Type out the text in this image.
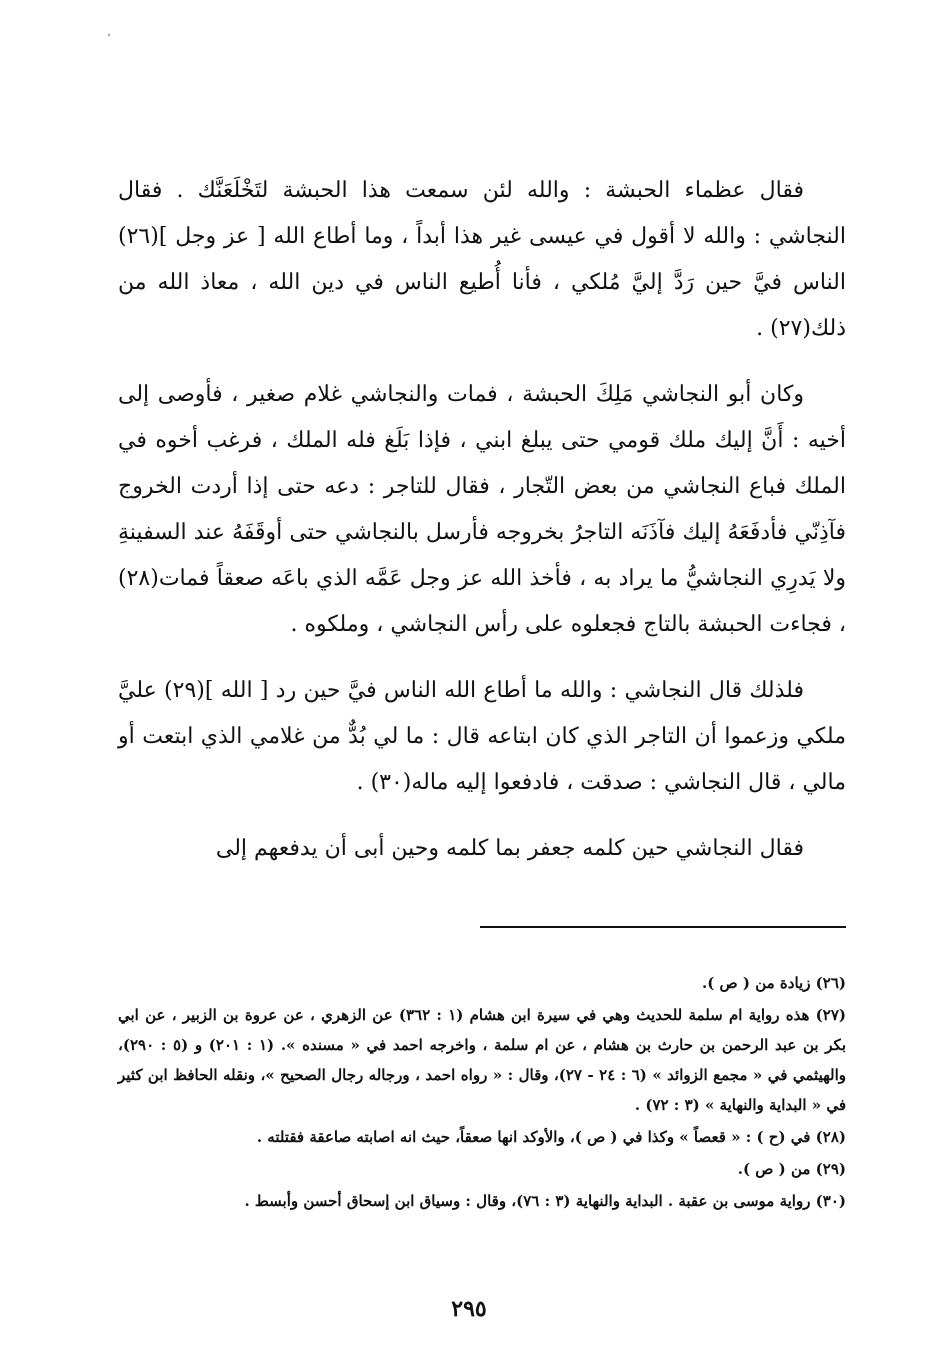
فقال عظماء الحبشة : والله لئن سمعت هذا الحبشة لتَخْلَعَنَّك . فقال النجاشي : والله لا أقول في عيسى غير هذا أبداً ، وما أطاع الله [ عز وجل ](٢٦) الناس فيَّ حين رَدَّ إليَّ مُلكي ، فأنا أُطيع الناس في دين الله ، معاذ الله من ذلك(٢٧) .

وكان أبو النجاشي مَلِكَ الحبشة ، فمات والنجاشي غلام صغير ، فأوصى إلى أخيه : أَنَّ إليك ملك قومي حتى يبلغ ابني ، فإذا بَلَغ فله الملك ، فرغب أخوه في الملك فباع النجاشي من بعض التّجار ، فقال للتاجر : دعه حتى إذا أردت الخروج فآذِنّي فأدفَعَهُ إليك فآذَنَه التاجرُ بخروجه فأرسل بالنجاشي حتى أوقَفَهُ عند السفينةِ ولا يَدرِي النجاشيُّ ما يراد به ، فأخذ الله عز وجل عَمَّه الذي باعَه صعقاً فمات(٢٨) ، فجاءت الحبشة بالتاج فجعلوه على رأس النجاشي ، وملكوه .

فلذلك قال النجاشي : والله ما أطاع الله الناس فيَّ حين رد [ الله ](٢٩) عليَّ ملكي وزعموا أن التاجر الذي كان ابتاعه قال : ما لي بُدٌّ من غلامي الذي ابتعت أو مالي ، قال النجاشي : صدقت ، فادفعوا إليه ماله(٣٠) .

فقال النجاشي حين كلمه جعفر بما كلمه وحين أبى أن يدفعهم إلى

(٢٦) زيادة من ( ص ).

(٢٧) هذه رواية ام سلمة للحديث وهي في سيرة ابن هشام (١ : ٣٦٢) عن الزهري ، عن عروة بن الزبير ، عن ابي بكر بن عبد الرحمن بن حارث بن هشام ، عن ام سلمة ، واخرجه احمد في « مسنده ». (١ : ٢٠١) و (٥ : ٢٩٠)، والهيثمي في « مجمع الزوائد » (٦ : ٢٤ - ٢٧)، وقال : « رواه احمد ، ورجاله رجال الصحيح »، ونقله الحافظ ابن كثير في « البداية والنهاية » (٣ : ٧٢) .

(٢٨) في (ح ) : « قعصاً » وكذا في ( ص )، والأوكد انها صعقاً، حيث انه اصابته صاعقة فقتلته .

(٢٩) من ( ص ).

(٣٠) رواية موسى بن عقبة . البداية والنهاية (٣ : ٧٦)، وقال : وسياق ابن إسحاق أحسن وأبسط .

٢٩٥
